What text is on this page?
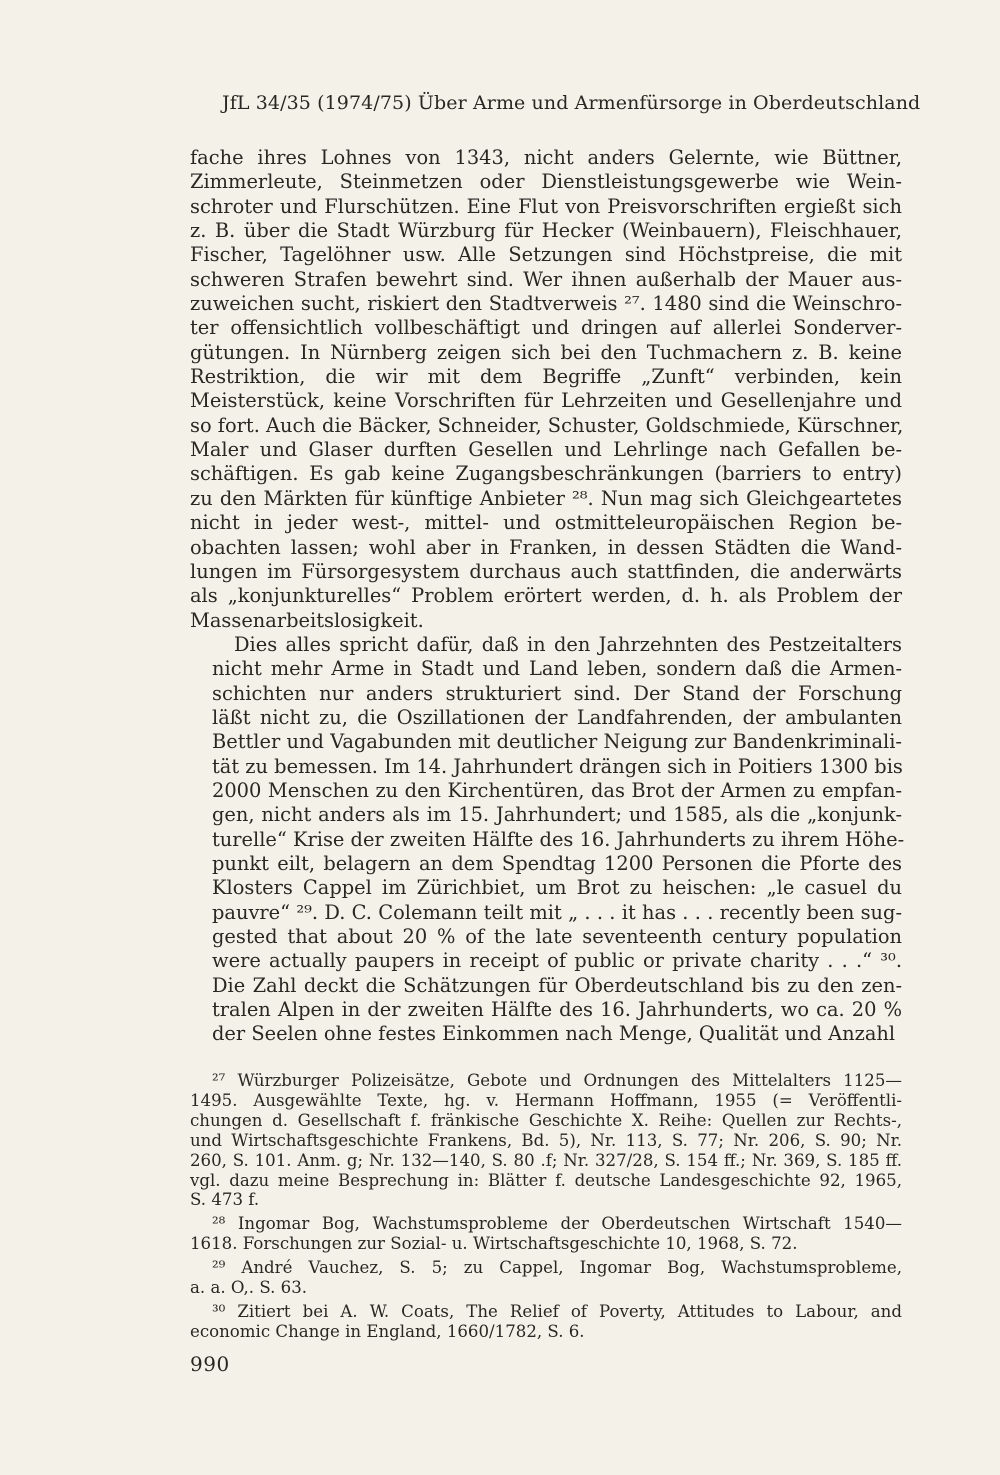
JfL 34/35 (1974/75) Über Arme und Armenfürsorge in Oberdeutschland
fache ihres Lohnes von 1343, nicht anders Gelernte, wie Büttner,
Zimmerleute, Steinmetzen oder Dienstleistungsgewerbe wie Wein-
schroter und Flurschützen. Eine Flut von Preisvorschriften ergießt sich
z. B. über die Stadt Würzburg für Hecker (Weinbauern), Fleischhauer,
Fischer, Tagelöhner usw. Alle Setzungen sind Höchstpreise, die mit
schweren Strafen bewehrt sind. Wer ihnen außerhalb der Mauer aus-
zuweichen sucht, riskiert den Stadtverweis ²⁷. 1480 sind die Weinschro-
ter offensichtlich vollbeschäftigt und dringen auf allerlei Sonderver-
gütungen. In Nürnberg zeigen sich bei den Tuchmachern z. B. keine
Restriktion, die wir mit dem Begriffe „Zunft“ verbinden, kein
Meisterstück, keine Vorschriften für Lehrzeiten und Gesellenjahre und
so fort. Auch die Bäcker, Schneider, Schuster, Goldschmiede, Kürschner,
Maler und Glaser durften Gesellen und Lehrlinge nach Gefallen be-
schäftigen. Es gab keine Zugangsbeschränkungen (barriers to entry)
zu den Märkten für künftige Anbieter ²⁸. Nun mag sich Gleichgeartetes
nicht in jeder west-, mittel- und ostmitteleuropäischen Region be-
obachten lassen; wohl aber in Franken, in dessen Städten die Wand-
lungen im Fürsorgesystem durchaus auch stattfinden, die anderwärts
als „konjunkturelles“ Problem erörtert werden, d. h. als Problem der
Massenarbeitslosigkeit.
Dies alles spricht dafür, daß in den Jahrzehnten des Pestzeitalters
nicht mehr Arme in Stadt und Land leben, sondern daß die Armen-
schichten nur anders strukturiert sind. Der Stand der Forschung
läßt nicht zu, die Oszillationen der Landfahrenden, der ambulanten
Bettler und Vagabunden mit deutlicher Neigung zur Bandenkriminali-
tät zu bemessen. Im 14. Jahrhundert drängen sich in Poitiers 1300 bis
2000 Menschen zu den Kirchentüren, das Brot der Armen zu empfan-
gen, nicht anders als im 15. Jahrhundert; und 1585, als die „konjunk-
turelle“ Krise der zweiten Hälfte des 16. Jahrhunderts zu ihrem Höhe-
punkt eilt, belagern an dem Spendtag 1200 Personen die Pforte des
Klosters Cappel im Zürichbiet, um Brot zu heischen: „le casuel du
pauvre“ ²⁹. D. C. Colemann teilt mit „ . . . it has . . . recently been sug-
gested that about 20 % of the late seventeenth century population
were actually paupers in receipt of public or private charity . . .“ ³⁰.
Die Zahl deckt die Schätzungen für Oberdeutschland bis zu den zen-
tralen Alpen in der zweiten Hälfte des 16. Jahrhunderts, wo ca. 20 %
der Seelen ohne festes Einkommen nach Menge, Qualität und Anzahl
²⁷ Würzburger Polizeisätze, Gebote und Ordnungen des Mittelalters 1125—
1495. Ausgewählte Texte, hg. v. Hermann Hoffmann, 1955 (= Veröffentli-
chungen d. Gesellschaft f. fränkische Geschichte X. Reihe: Quellen zur Rechts-,
und Wirtschaftsgeschichte Frankens, Bd. 5), Nr. 113, S. 77; Nr. 206, S. 90; Nr.
260, S. 101. Anm. g; Nr. 132—140, S. 80 .f; Nr. 327/28, S. 154 ff.; Nr. 369, S. 185 ff.
vgl. dazu meine Besprechung in: Blätter f. deutsche Landesgeschichte 92, 1965,
S. 473 f.
²⁸ Ingomar Bog, Wachstumsprobleme der Oberdeutschen Wirtschaft 1540—
1618. Forschungen zur Sozial- u. Wirtschaftsgeschichte 10, 1968, S. 72.
²⁹ André Vauchez, S. 5; zu Cappel, Ingomar Bog, Wachstumsprobleme,
a. a. O,. S. 63.
³⁰ Zitiert bei A. W. Coats, The Relief of Poverty, Attitudes to Labour, and
economic Change in England, 1660/1782, S. 6.
990
